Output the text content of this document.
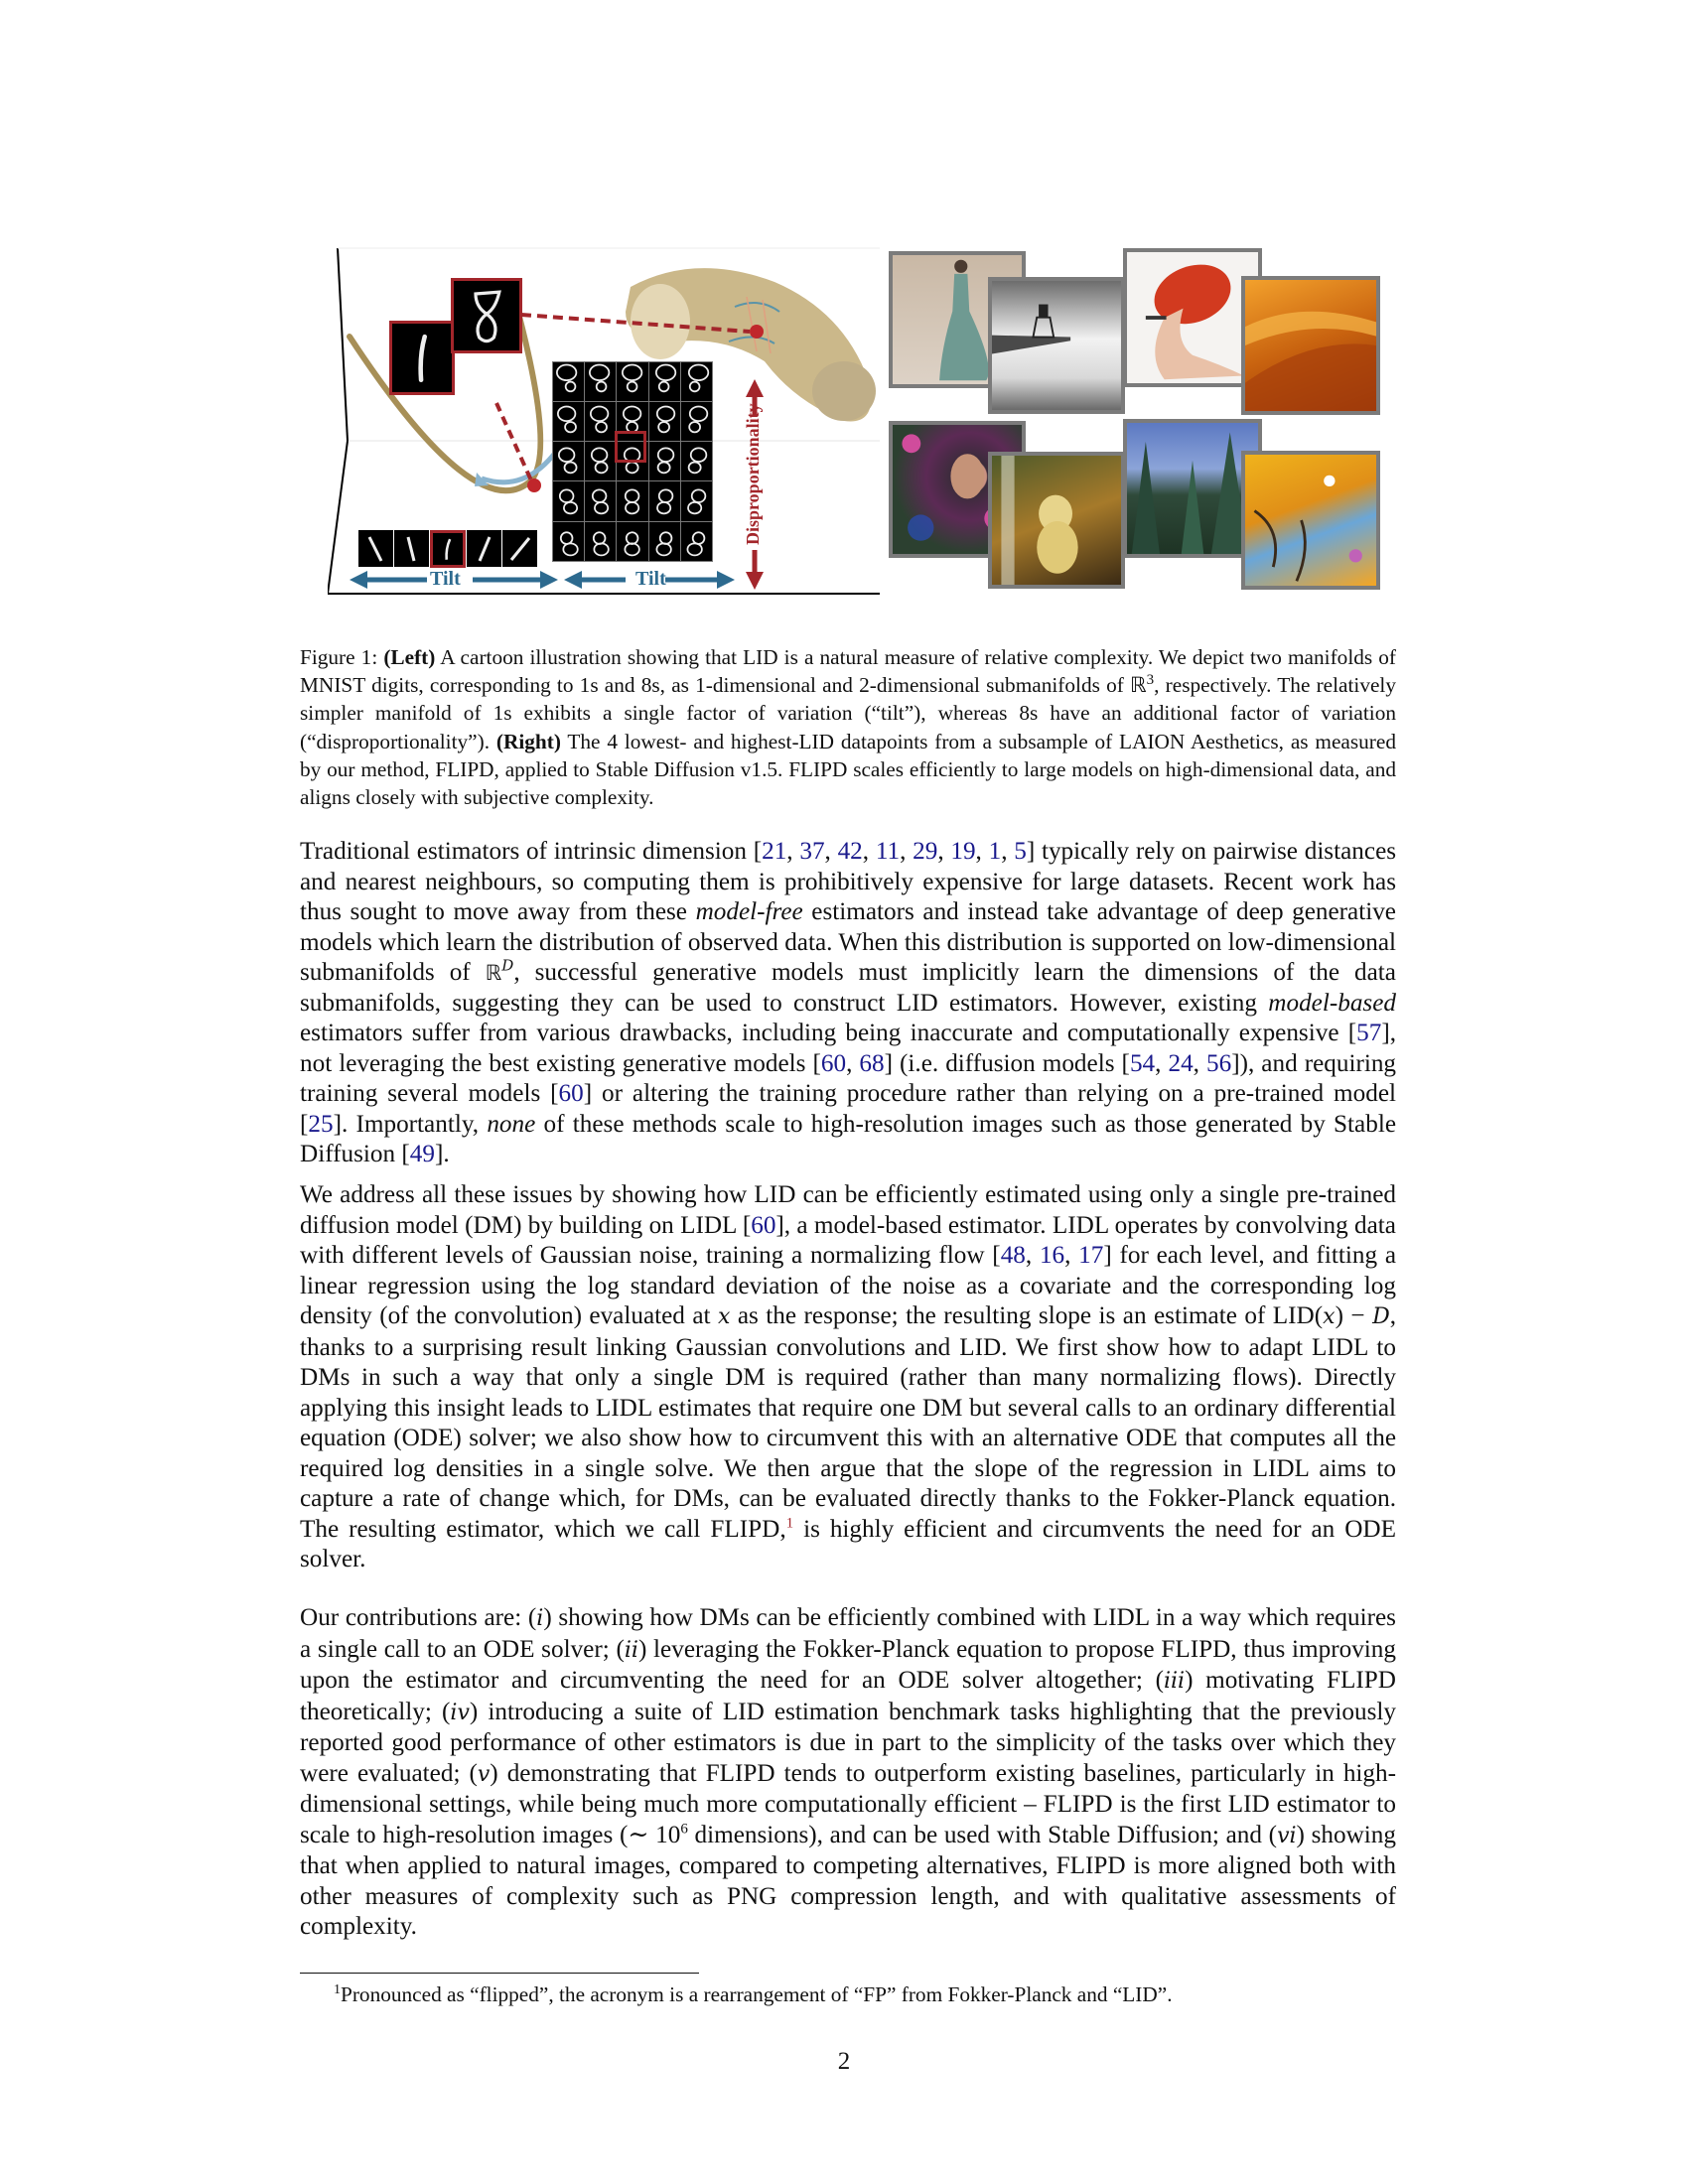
Tilt	Tilt
Disproportionality
Figure 1: (Left) A cartoon illustration showing that LID is a natural measure of relative complexity. We depict two manifolds of MNIST digits, corresponding to 1s and 8s, as 1-dimensional and 2-dimensional submanifolds of ℝ$^3$, respectively. The relatively simpler manifold of 1s exhibits a single factor of variation (“tilt”), whereas 8s have an additional factor of variation (“disproportionality”). (Right) The 4 lowest- and highest-LID datapoints from a subsample of LAION Aesthetics, as measured by our method, FLIPD, applied to Stable Diffusion v1.5. FLIPD scales efficiently to large models on high-dimensional data, and aligns closely with subjective complexity.
Traditional estimators of intrinsic dimension [21, 37, 42, 11, 29, 19, 1, 5] typically rely on pairwise distances and nearest neighbours, so computing them is prohibitively expensive for large datasets. Recent work has thus sought to move away from these model-free estimators and instead take advantage of deep generative models which learn the distribution of observed data. When this distribution is supported on low-dimensional submanifolds of ℝ$^D$, successful generative models must implicitly learn the dimensions of the data submanifolds, suggesting they can be used to construct LID estimators. However, existing model-based estimators suffer from various drawbacks, including being inaccurate and computationally expensive [57], not leveraging the best existing generative models [60, 68] (i.e. diffusion models [54, 24, 56]), and requiring training several models [60] or altering the training procedure rather than relying on a pre-trained model [25]. Importantly, none of these methods scale to high-resolution images such as those generated by Stable Diffusion [49].
We address all these issues by showing how LID can be efficiently estimated using only a single pre-trained diffusion model (DM) by building on LIDL [60], a model-based estimator. LIDL operates by convolving data with different levels of Gaussian noise, training a normalizing flow [48, 16, 17] for each level, and fitting a linear regression using the log standard deviation of the noise as a covariate and the corresponding log density (of the convolution) evaluated at x as the response; the resulting slope is an estimate of LID(x) − D, thanks to a surprising result linking Gaussian convolutions and LID. We first show how to adapt LIDL to DMs in such a way that only a single DM is required (rather than many normalizing flows). Directly applying this insight leads to LIDL estimates that require one DM but several calls to an ordinary differential equation (ODE) solver; we also show how to circumvent this with an alternative ODE that computes all the required log densities in a single solve. We then argue that the slope of the regression in LIDL aims to capture a rate of change which, for DMs, can be evaluated directly thanks to the Fokker-Planck equation. The resulting estimator, which we call FLIPD,$^1$ is highly efficient and circumvents the need for an ODE solver.
Our contributions are: (i) showing how DMs can be efficiently combined with LIDL in a way which requires a single call to an ODE solver; (ii) leveraging the Fokker-Planck equation to propose FLIPD, thus improving upon the estimator and circumventing the need for an ODE solver altogether; (iii) motivating FLIPD theoretically; (iv) introducing a suite of LID estimation benchmark tasks highlighting that the previously reported good performance of other estimators is due in part to the simplicity of the tasks over which they were evaluated; (v) demonstrating that FLIPD tends to outperform existing baselines, particularly in high-dimensional settings, while being much more computationally efficient – FLIPD is the first LID estimator to scale to high-resolution images (∼ $10^6$ dimensions), and can be used with Stable Diffusion; and (vi) showing that when applied to natural images, compared to competing alternatives, FLIPD is more aligned both with other measures of complexity such as PNG compression length, and with qualitative assessments of complexity.
$^1$Pronounced as “flipped”, the acronym is a rearrangement of “FP” from Fokker-Planck and “LID”.
2
